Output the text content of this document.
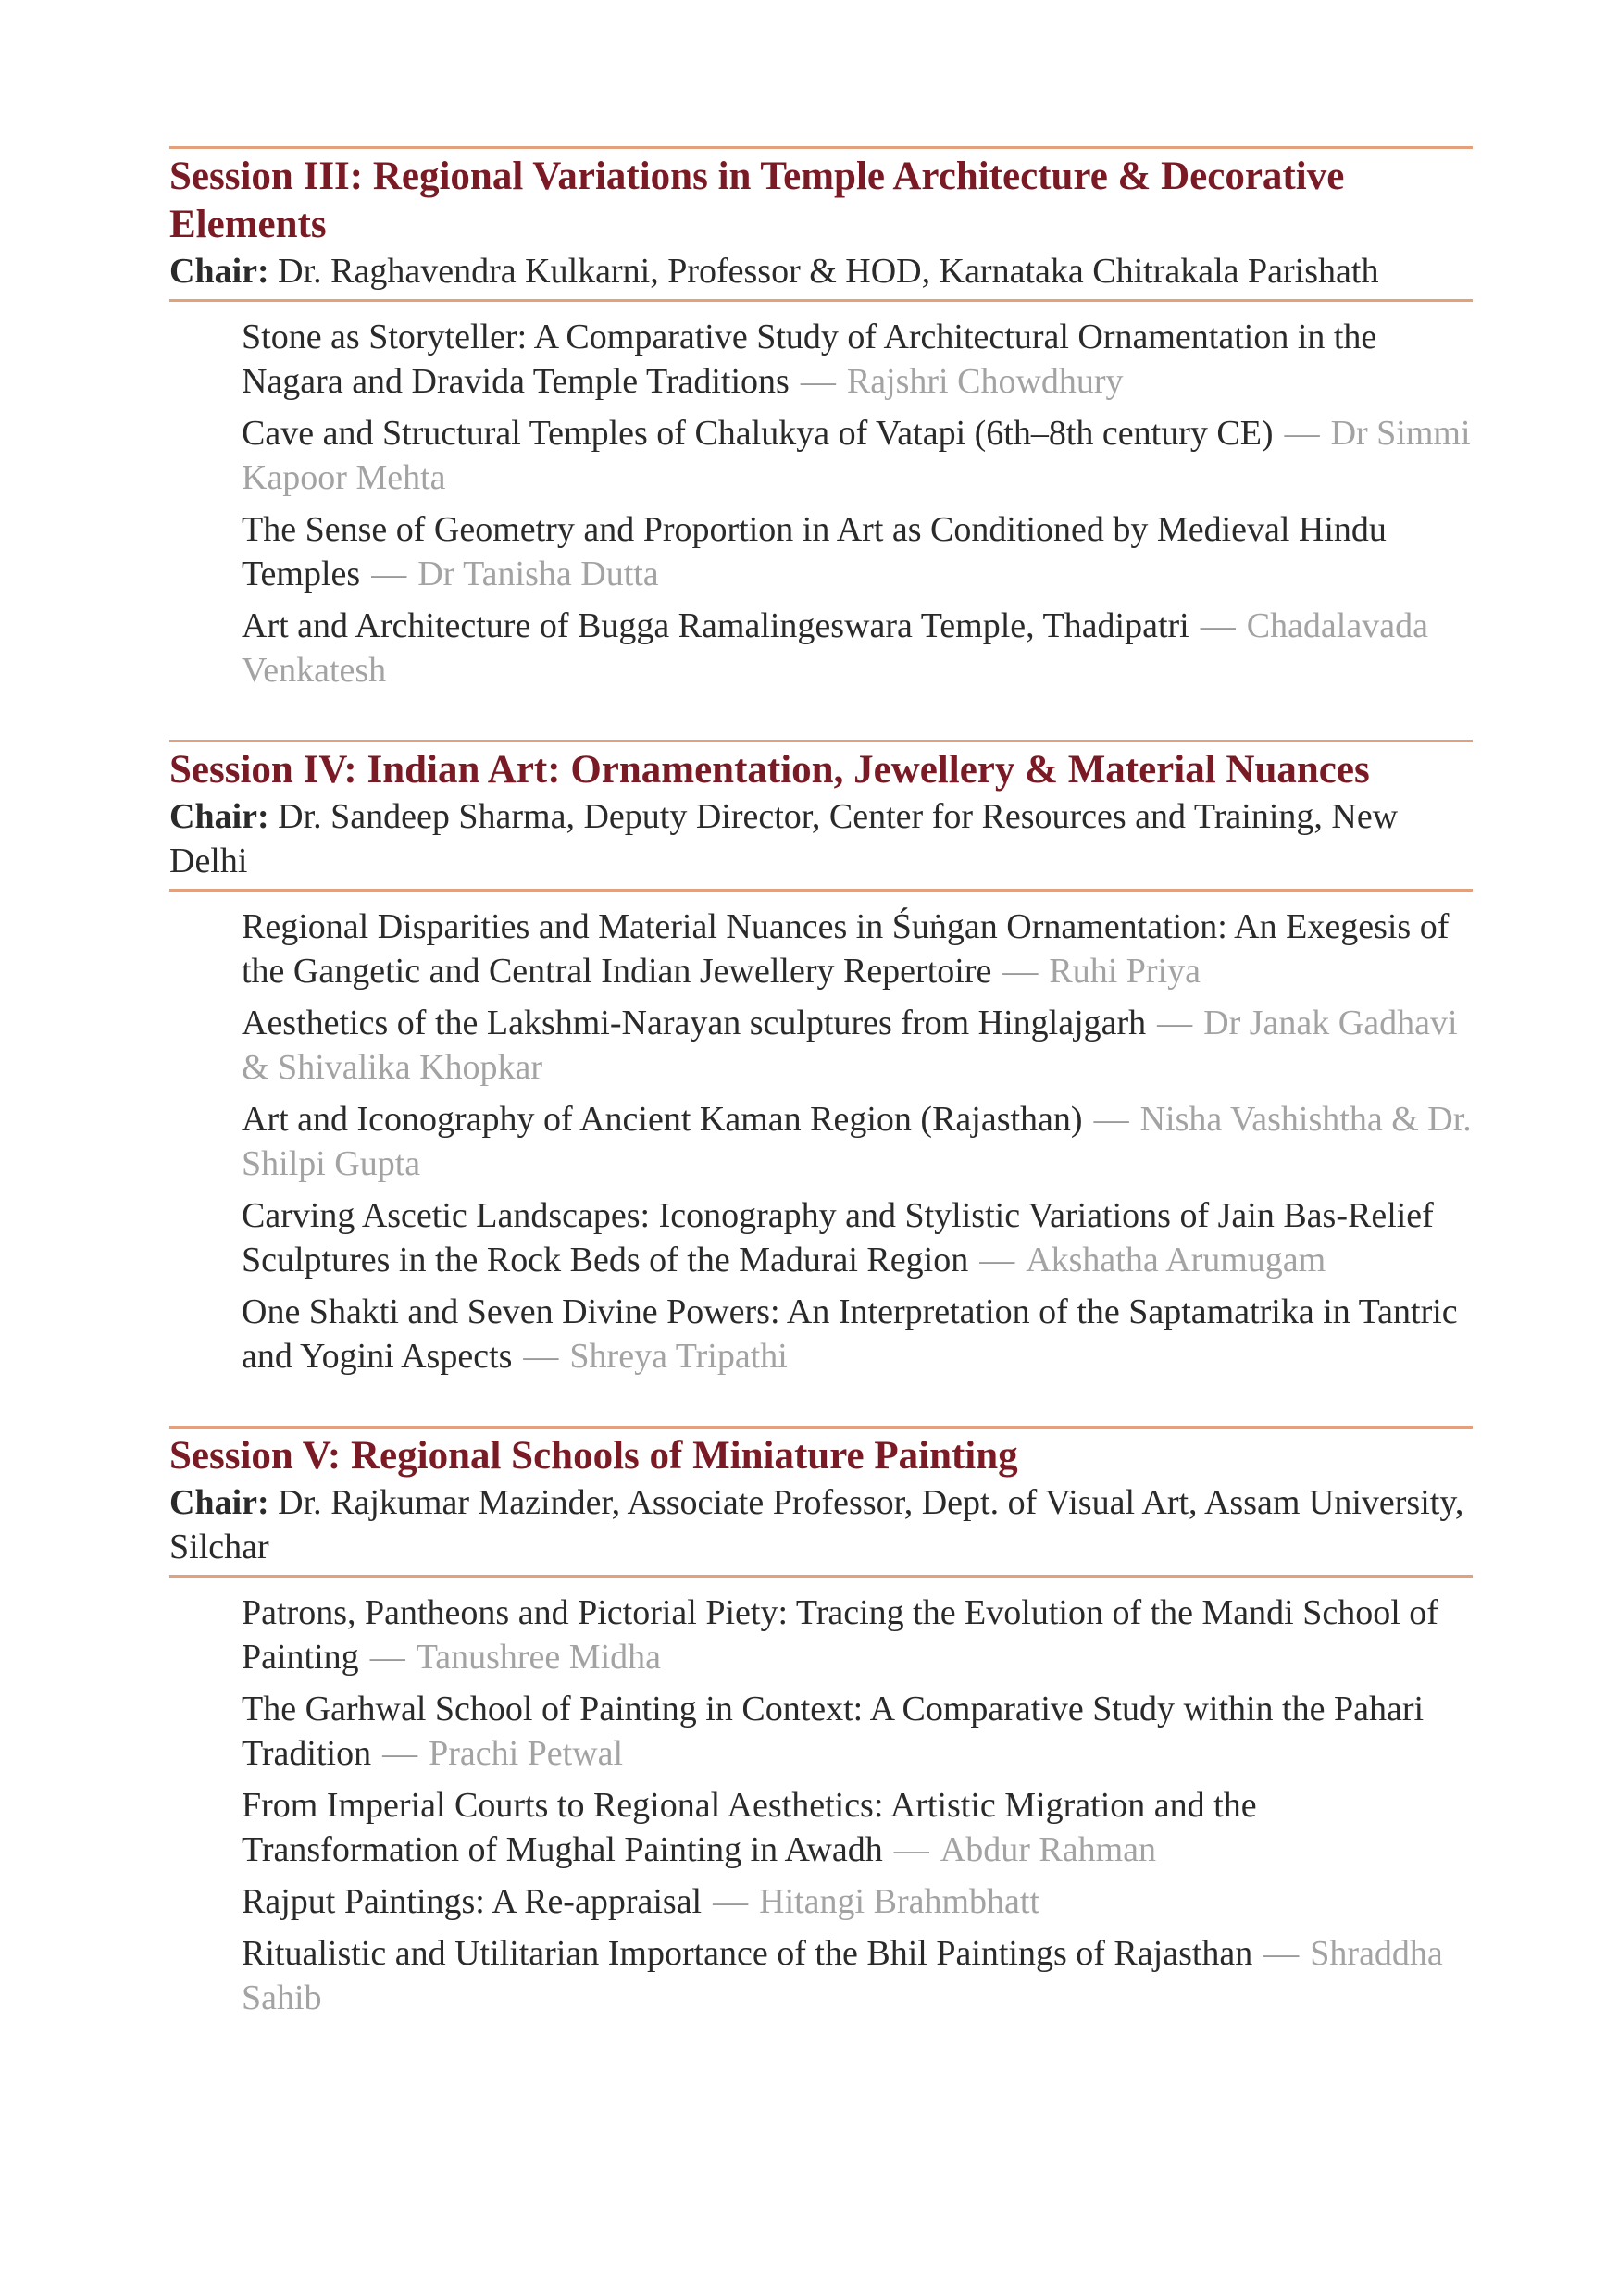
Session III: Regional Variations in Temple Architecture & Decorative Elements
Chair: Dr. Raghavendra Kulkarni, Professor & HOD, Karnataka Chitrakala Parishath
Stone as Storyteller: A Comparative Study of Architectural Ornamentation in the Nagara and Dravida Temple Traditions — Rajshri Chowdhury
Cave and Structural Temples of Chalukya of Vatapi (6th–8th century CE) — Dr Simmi Kapoor Mehta
The Sense of Geometry and Proportion in Art as Conditioned by Medieval Hindu Temples — Dr Tanisha Dutta
Art and Architecture of Bugga Ramalingeswara Temple, Thadipatri — Chadalavada Venkatesh
Session IV: Indian Art: Ornamentation, Jewellery & Material Nuances
Chair: Dr. Sandeep Sharma, Deputy Director, Center for Resources and Training, New Delhi
Regional Disparities and Material Nuances in Śuṅgan Ornamentation: An Exegesis of the Gangetic and Central Indian Jewellery Repertoire — Ruhi Priya
Aesthetics of the Lakshmi-Narayan sculptures from Hinglajgarh — Dr Janak Gadhavi & Shivalika Khopkar
Art and Iconography of Ancient Kaman Region (Rajasthan) — Nisha Vashishtha & Dr. Shilpi Gupta
Carving Ascetic Landscapes: Iconography and Stylistic Variations of Jain Bas-Relief Sculptures in the Rock Beds of the Madurai Region — Akshatha Arumugam
One Shakti and Seven Divine Powers: An Interpretation of the Saptamatrika in Tantric and Yogini Aspects — Shreya Tripathi
Session V: Regional Schools of Miniature Painting
Chair: Dr. Rajkumar Mazinder, Associate Professor, Dept. of Visual Art, Assam University, Silchar
Patrons, Pantheons and Pictorial Piety: Tracing the Evolution of the Mandi School of Painting — Tanushree Midha
The Garhwal School of Painting in Context: A Comparative Study within the Pahari Tradition — Prachi Petwal
From Imperial Courts to Regional Aesthetics: Artistic Migration and the Transformation of Mughal Painting in Awadh — Abdur Rahman
Rajput Paintings: A Re-appraisal — Hitangi Brahmbhatt
Ritualistic and Utilitarian Importance of the Bhil Paintings of Rajasthan — Shraddha Sahib
